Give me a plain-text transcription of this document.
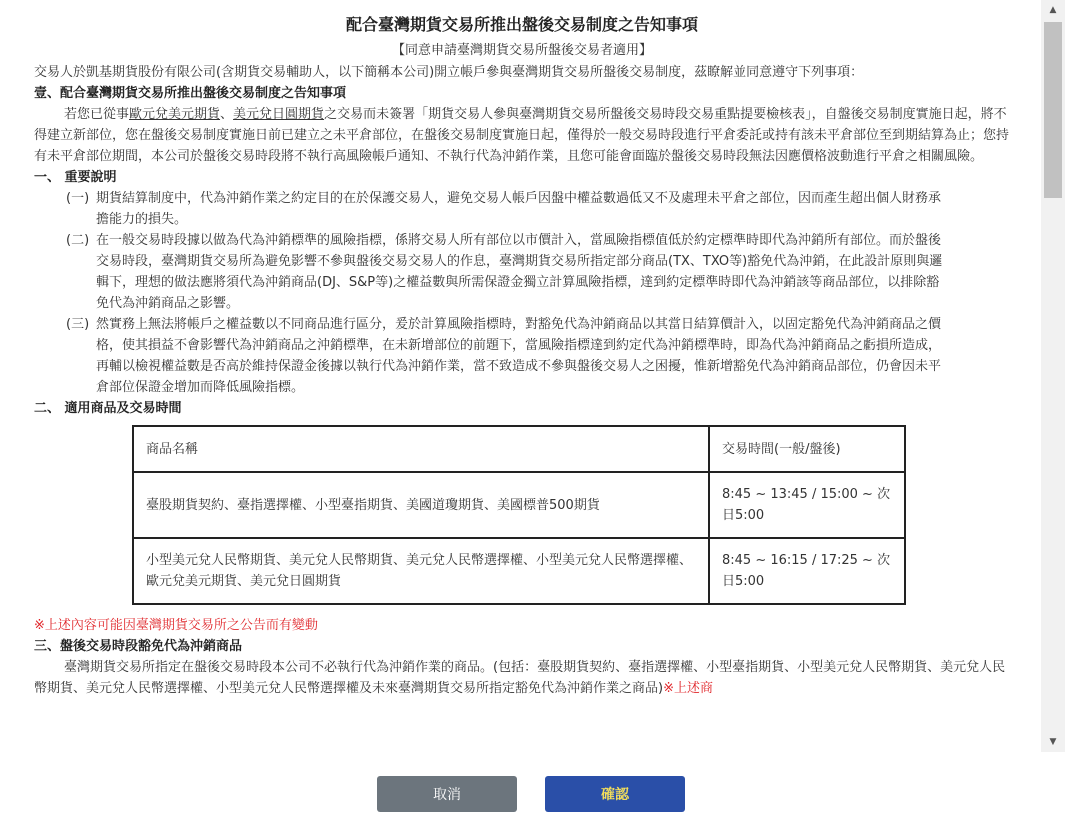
配合臺灣期貨交易所推出盤後交易制度之告知事項
【同意申請臺灣期貨交易所盤後交易者適用】

交易人於凱基期貨股份有限公司(含期貨交易輔助人，以下簡稱本公司)開立帳戶參與臺灣期貨交易所盤後交易制度，茲瞭解並同意遵守下列事項：

壹、配合臺灣期貨交易所推出盤後交易制度之告知事項

若您已從事歐元兌美元期貨、美元兌日圓期貨之交易而未簽署「期貨交易人參與臺灣期貨交易所盤後交易時段交易重點提要檢核表」，自盤後交易制度實施日起，將不得建立新部位，您在盤後交易制度實施日前已建立之未平倉部位，在盤後交易制度實施日起，僅得於一般交易時段進行平倉委託或持有該未平倉部位至到期結算為止；您持有未平倉部位期間，本公司於盤後交易時段將不執行高風險帳戶通知、不執行代為沖銷作業，且您可能會面臨於盤後交易時段無法因應價格波動進行平倉之相關風險。

一、 重要說明

(一) 期貨結算制度中，代為沖銷作業之約定目的在於保護交易人，避免交易人帳戶因盤中權益數過低又不及處理未平倉之部位，因而產生超出個人財務承擔能力的損失。
(二) 在一般交易時段據以做為代為沖銷標準的風險指標，係將交易人所有部位以市價計入，當風險指標值低於約定標準時即代為沖銷所有部位。而於盤後交易時段，臺灣期貨交易所為避免影響不參與盤後交易交易人的作息，臺灣期貨交易所指定部分商品(TX、TXO等)豁免代為沖銷，在此設計原則與邏輯下，理想的做法應將須代為沖銷商品(DJ、S&P等)之權益數與所需保證金獨立計算風險指標，達到約定標準時即代為沖銷該等商品部位，以排除豁免代為沖銷商品之影響。
(三) 然實務上無法將帳戶之權益數以不同商品進行區分，爰於計算風險指標時，對豁免代為沖銷商品以其當日結算價計入，以固定豁免代為沖銷商品之價格，使其損益不會影響代為沖銷商品之沖銷標準，在未新增部位的前題下，當風險指標達到約定代為沖銷標準時，即為代為沖銷商品之虧損所造成，再輔以檢視權益數是否高於維持保證金後據以執行代為沖銷作業，當不致造成不參與盤後交易人之困擾，惟新增豁免代為沖銷商品部位，仍會因未平倉部位保證金增加而降低風險指標。

二、 適用商品及交易時間

商品名稱	交易時間(一般/盤後)
臺股期貨契約、臺指選擇權、小型臺指期貨、美國道瓊期貨、美國標普500期貨	8:45 ~ 13:45 / 15:00 ~ 次日5:00
小型美元兌人民幣期貨、美元兌人民幣期貨、美元兌人民幣選擇權、小型美元兌人民幣選擇權、歐元兌美元期貨、美元兌日圓期貨	8:45 ~ 16:15 / 17:25 ~ 次日5:00

※上述內容可能因臺灣期貨交易所之公告而有變動

三、盤後交易時段豁免代為沖銷商品

臺灣期貨交易所指定在盤後交易時段本公司不必執行代為沖銷作業的商品。(包括：臺股期貨契約、臺指選擇權、小型臺指期貨、小型美元兌人民幣期貨、美元兌人民幣期貨、美元兌人民幣選擇權、小型美元兌人民幣選擇權及未來臺灣期貨交易所指定豁免代為沖銷作業之商品)※上述商

▲
▼
取消	確認
